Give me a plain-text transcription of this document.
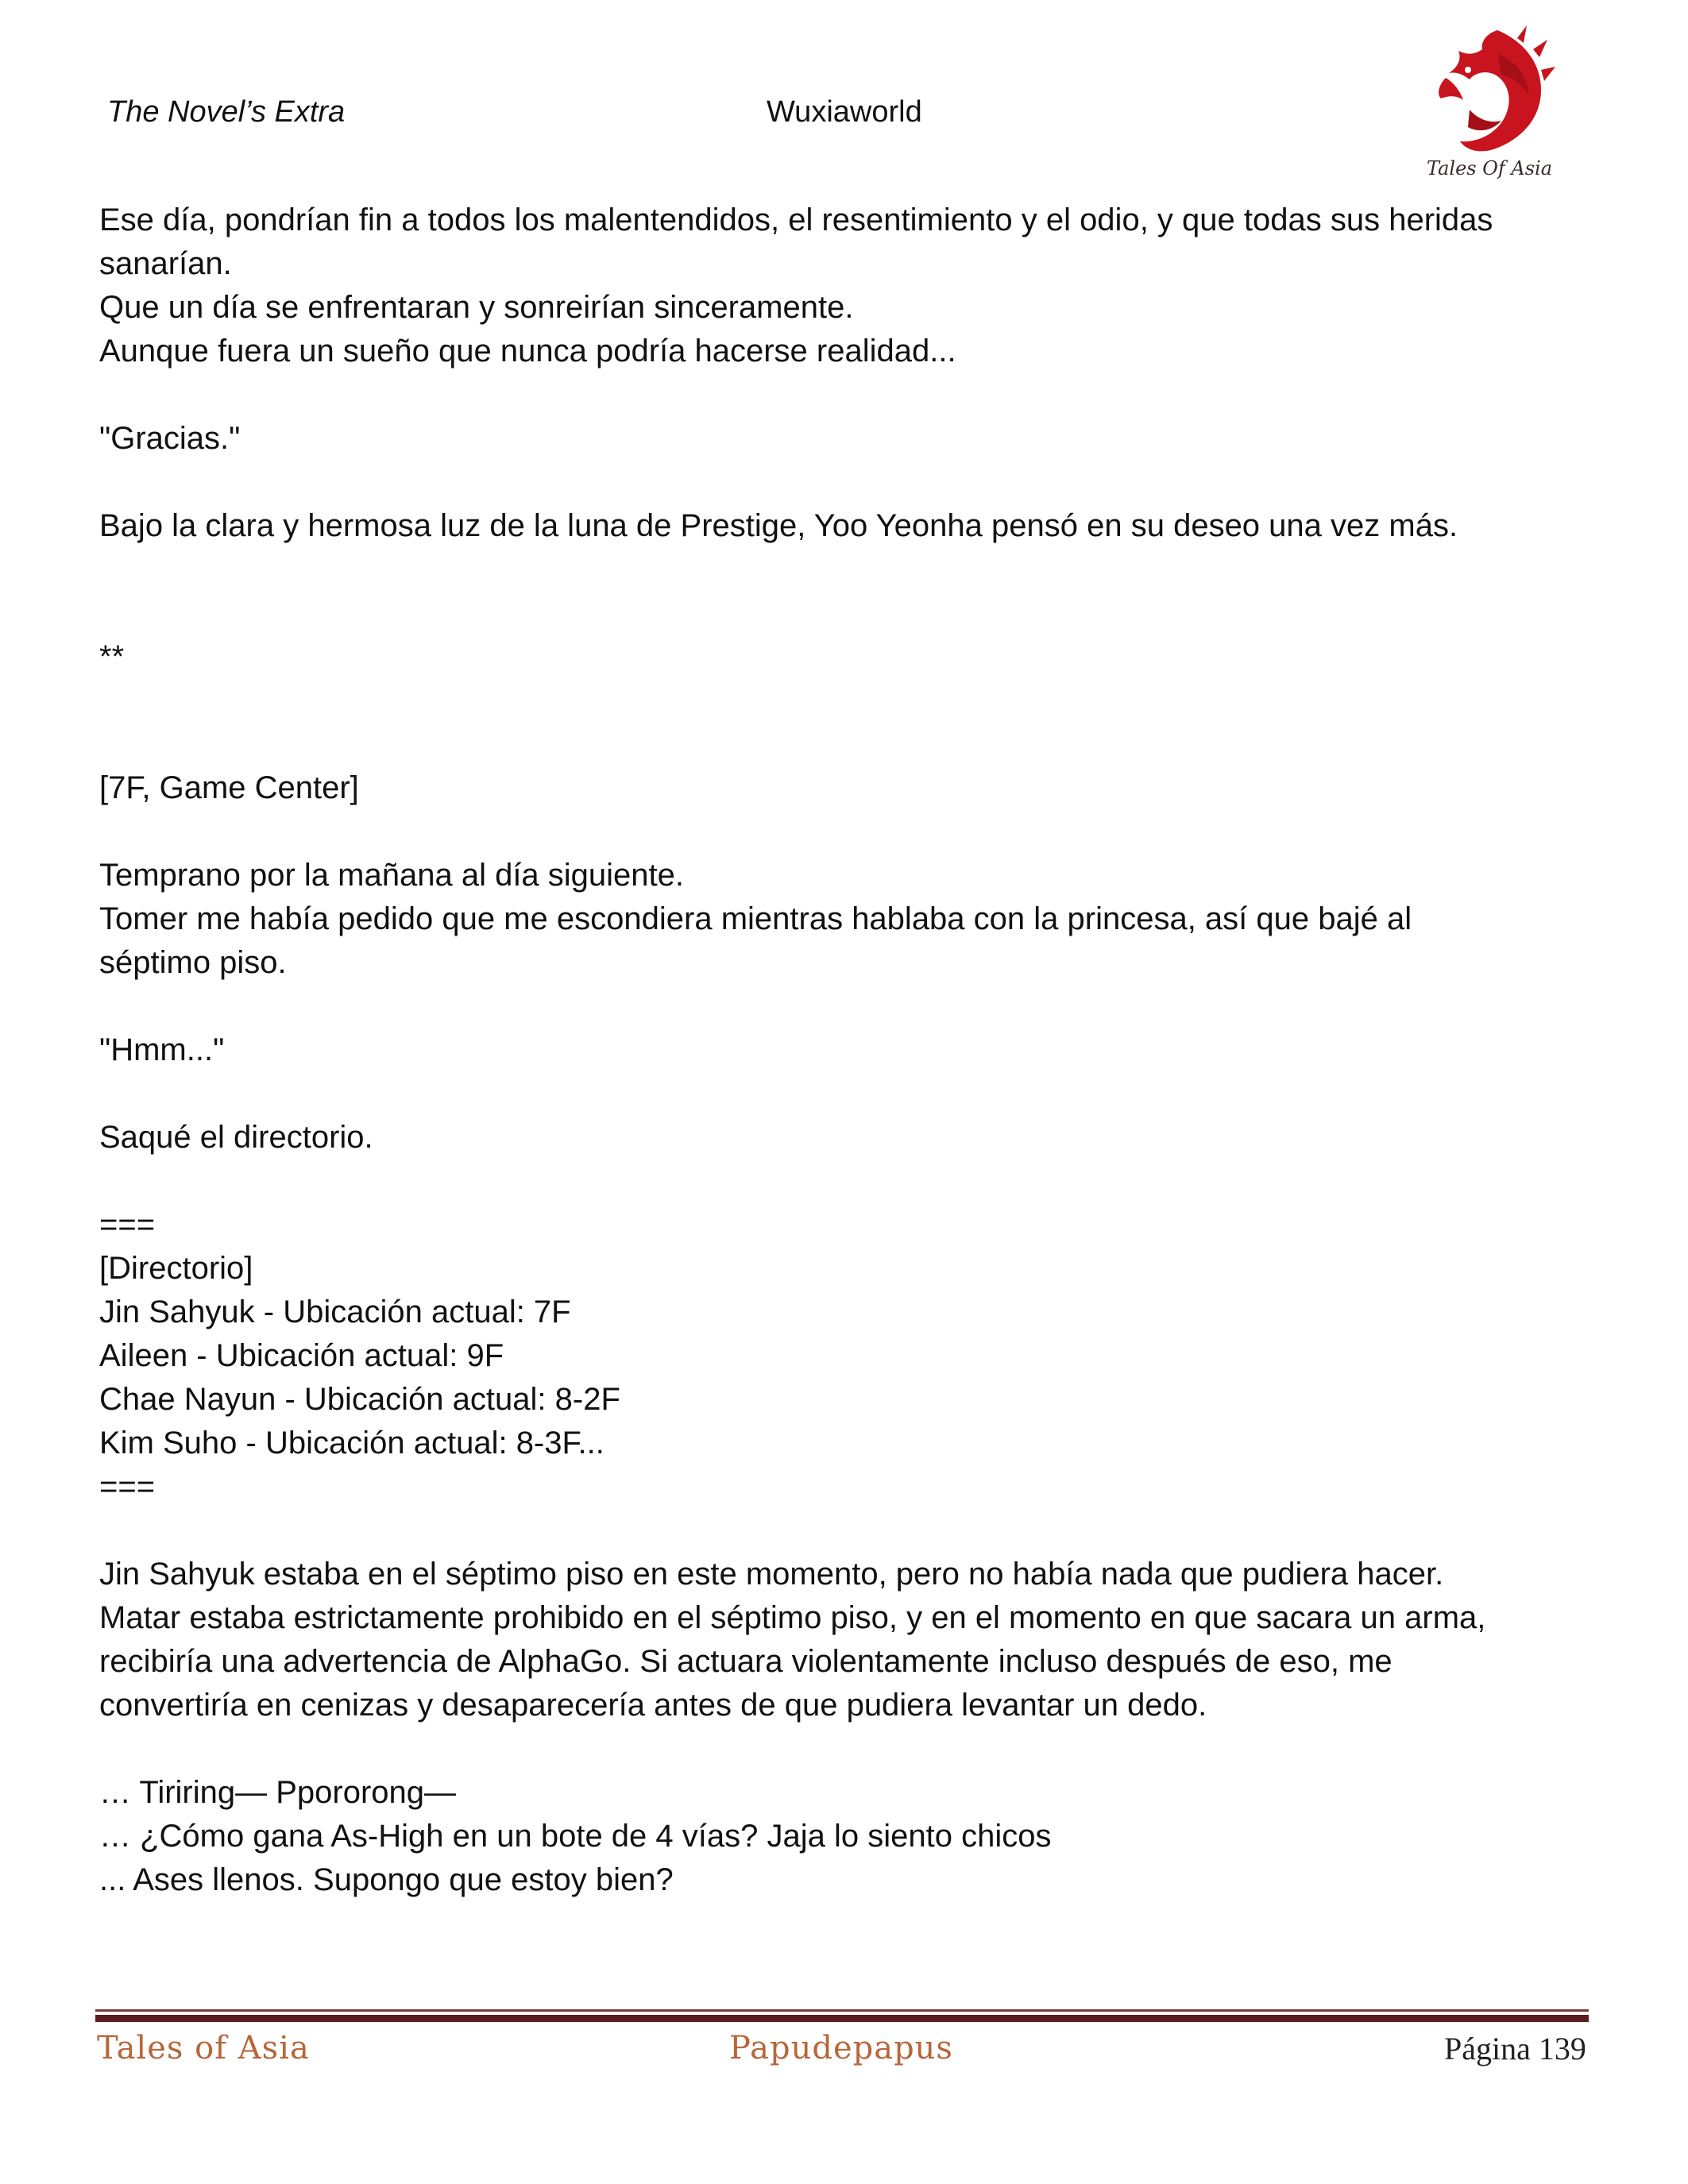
The Novel’s Extra	Wuxiaworld
Tales Of Asia
Ese día, pondrían fin a todos los malentendidos, el resentimiento y el odio, y que todas sus heridas
sanarían.
Que un día se enfrentaran y sonreirían sinceramente.
Aunque fuera un sueño que nunca podría hacerse realidad...
"Gracias."
Bajo la clara y hermosa luz de la luna de Prestige, Yoo Yeonha pensó en su deseo una vez más.
**
[7F, Game Center]
Temprano por la mañana al día siguiente.
Tomer me había pedido que me escondiera mientras hablaba con la princesa, así que bajé al
séptimo piso.
"Hmm..."
Saqué el directorio.
===
[Directorio]
Jin Sahyuk - Ubicación actual: 7F
Aileen - Ubicación actual: 9F
Chae Nayun - Ubicación actual: 8-2F
Kim Suho - Ubicación actual: 8-3F...
===
Jin Sahyuk estaba en el séptimo piso en este momento, pero no había nada que pudiera hacer.
Matar estaba estrictamente prohibido en el séptimo piso, y en el momento en que sacara un arma,
recibiría una advertencia de AlphaGo. Si actuara violentamente incluso después de eso, me
convertiría en cenizas y desaparecería antes de que pudiera levantar un dedo.
… Tiriring— Ppororong—
… ¿Cómo gana As-High en un bote de 4 vías? Jaja lo siento chicos
... Ases llenos. Supongo que estoy bien?
Tales of Asia	Papudepapus	Página 139
